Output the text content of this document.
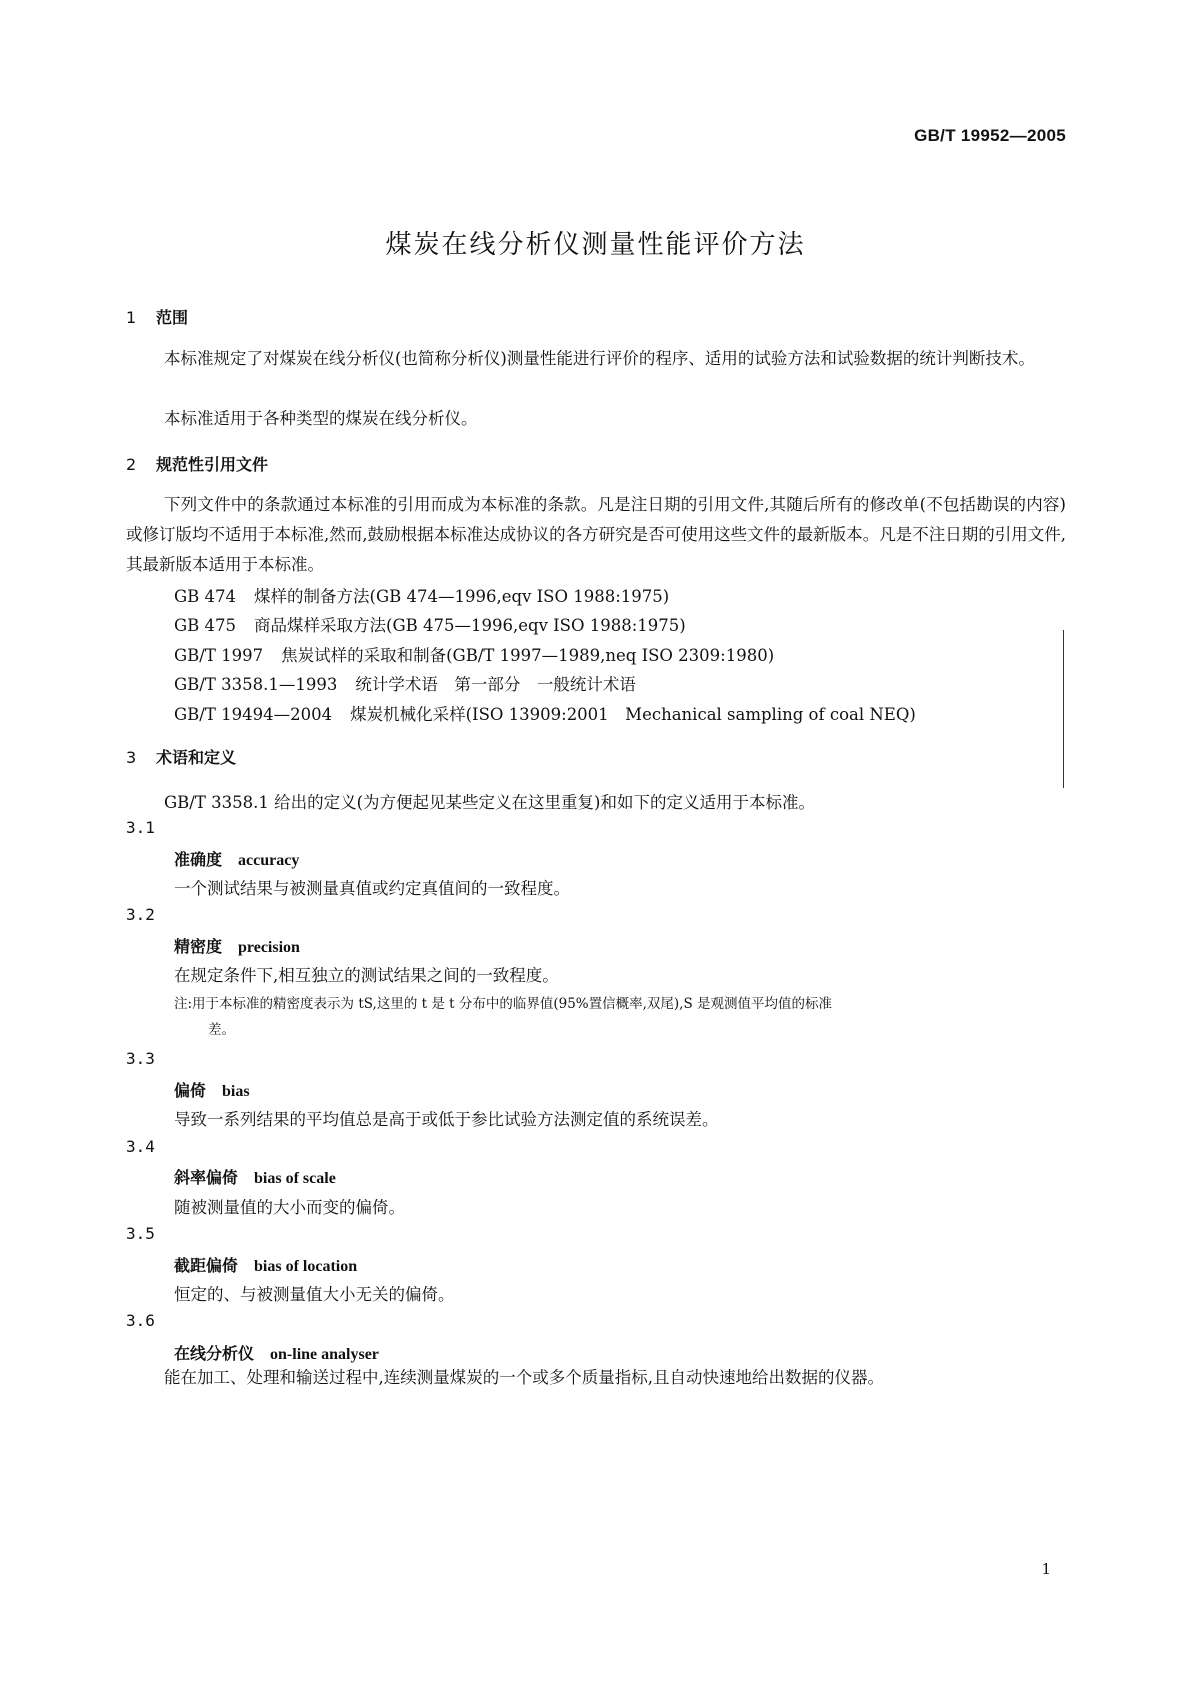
GB/T 19952—2005
煤炭在线分析仪测量性能评价方法
1 范围
本标准规定了对煤炭在线分析仪(也简称分析仪)测量性能进行评价的程序、适用的试验方法和试验数据的统计判断技术。
本标准适用于各种类型的煤炭在线分析仪。
2 规范性引用文件
下列文件中的条款通过本标准的引用而成为本标准的条款。凡是注日期的引用文件,其随后所有的修改单(不包括勘误的内容)或修订版均不适用于本标准,然而,鼓励根据本标准达成协议的各方研究是否可使用这些文件的最新版本。凡是不注日期的引用文件,其最新版本适用于本标准。
GB 474 煤样的制备方法(GB 474—1996,eqv ISO 1988:1975)
GB 475 商品煤样采取方法(GB 475—1996,eqv ISO 1988:1975)
GB/T 1997 焦炭试样的采取和制备(GB/T 1997—1989,neq ISO 2309:1980)
GB/T 3358.1—1993 统计学术语　第一部分　一般统计术语
GB/T 19494—2004 煤炭机械化采样(ISO 13909:2001　Mechanical sampling of coal NEQ)
3 术语和定义
GB/T 3358.1 给出的定义(为方便起见某些定义在这里重复)和如下的定义适用于本标准。
3.1
准确度 accuracy
一个测试结果与被测量真值或约定真值间的一致程度。
3.2
精密度 precision
在规定条件下,相互独立的测试结果之间的一致程度。
注:用于本标准的精密度表示为 tS,这里的 t 是 t 分布中的临界值(95%置信概率,双尾),S 是观测值平均值的标准
差。
3.3
偏倚 bias
导致一系列结果的平均值总是高于或低于参比试验方法测定值的系统误差。
3.4
斜率偏倚 bias of scale
随被测量值的大小而变的偏倚。
3.5
截距偏倚 bias of location
恒定的、与被测量值大小无关的偏倚。
3.6
在线分析仪 on-line analyser
能在加工、处理和输送过程中,连续测量煤炭的一个或多个质量指标,且自动快速地给出数据的仪器。
1
